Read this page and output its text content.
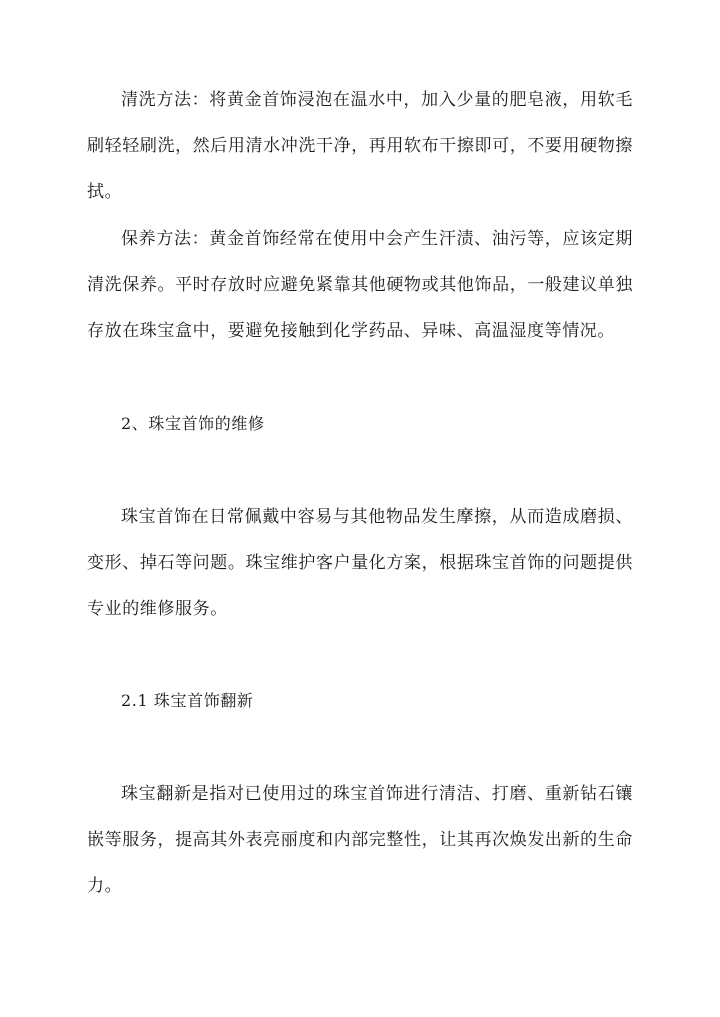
清洗方法：将黄金首饰浸泡在温水中，加入少量的肥皂液，用软毛刷轻轻刷洗，然后用清水冲洗干净，再用软布干擦即可，不要用硬物擦拭。

保养方法：黄金首饰经常在使用中会产生汗渍、油污等，应该定期清洗保养。平时存放时应避免紧靠其他硬物或其他饰品，一般建议单独存放在珠宝盒中，要避免接触到化学药品、异味、高温湿度等情况。

2、珠宝首饰的维修

珠宝首饰在日常佩戴中容易与其他物品发生摩擦，从而造成磨损、变形、掉石等问题。珠宝维护客户量化方案，根据珠宝首饰的问题提供专业的维修服务。

2.1 珠宝首饰翻新

珠宝翻新是指对已使用过的珠宝首饰进行清洁、打磨、重新钻石镶嵌等服务，提高其外表亮丽度和内部完整性，让其再次焕发出新的生命力。
